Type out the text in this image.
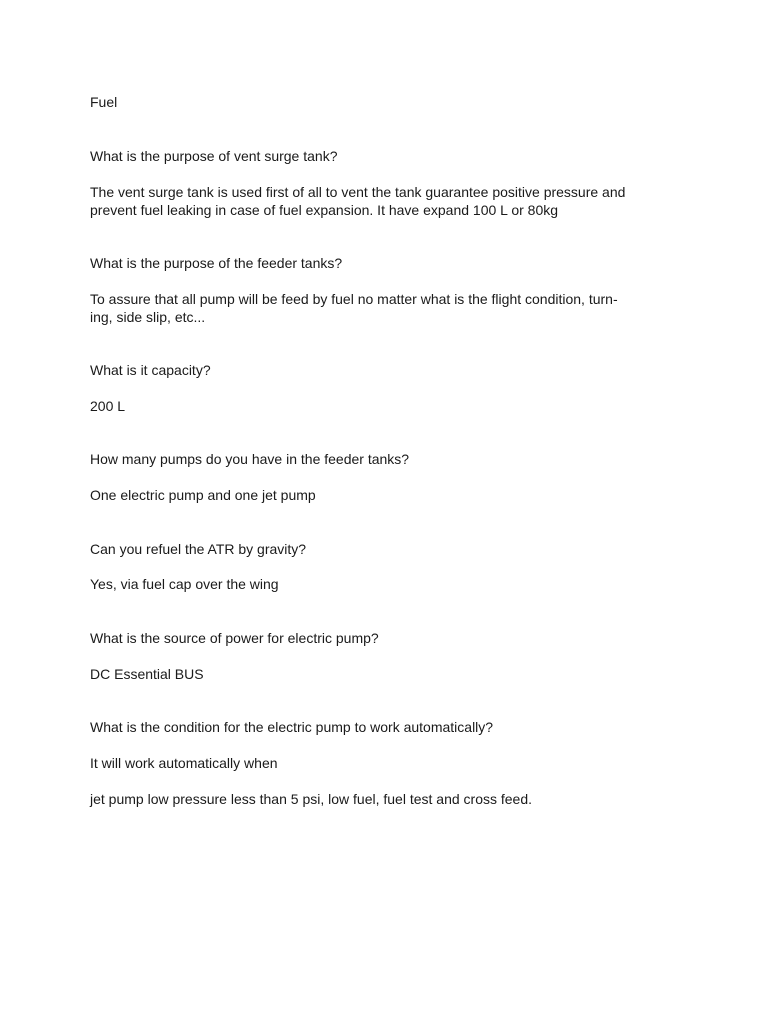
Fuel
What is the purpose of vent surge tank?
The vent surge tank is used first of all to vent the tank guarantee positive pressure and
prevent fuel leaking in case of fuel expansion. It have expand 100 L or 80kg
What is the purpose of the feeder tanks?
To assure that all pump will be feed by fuel no matter what is the flight condition, turn-
ing, side slip, etc...
What is it capacity?
200 L
How many pumps do you have in the feeder tanks?
One electric pump and one jet pump
Can you refuel the ATR by gravity?
Yes, via fuel cap over the wing
What is the source of power for electric pump?
DC Essential BUS
What is the condition for the electric pump to work automatically?
It will work automatically when
jet pump low pressure less than 5 psi, low fuel, fuel test and cross feed.
